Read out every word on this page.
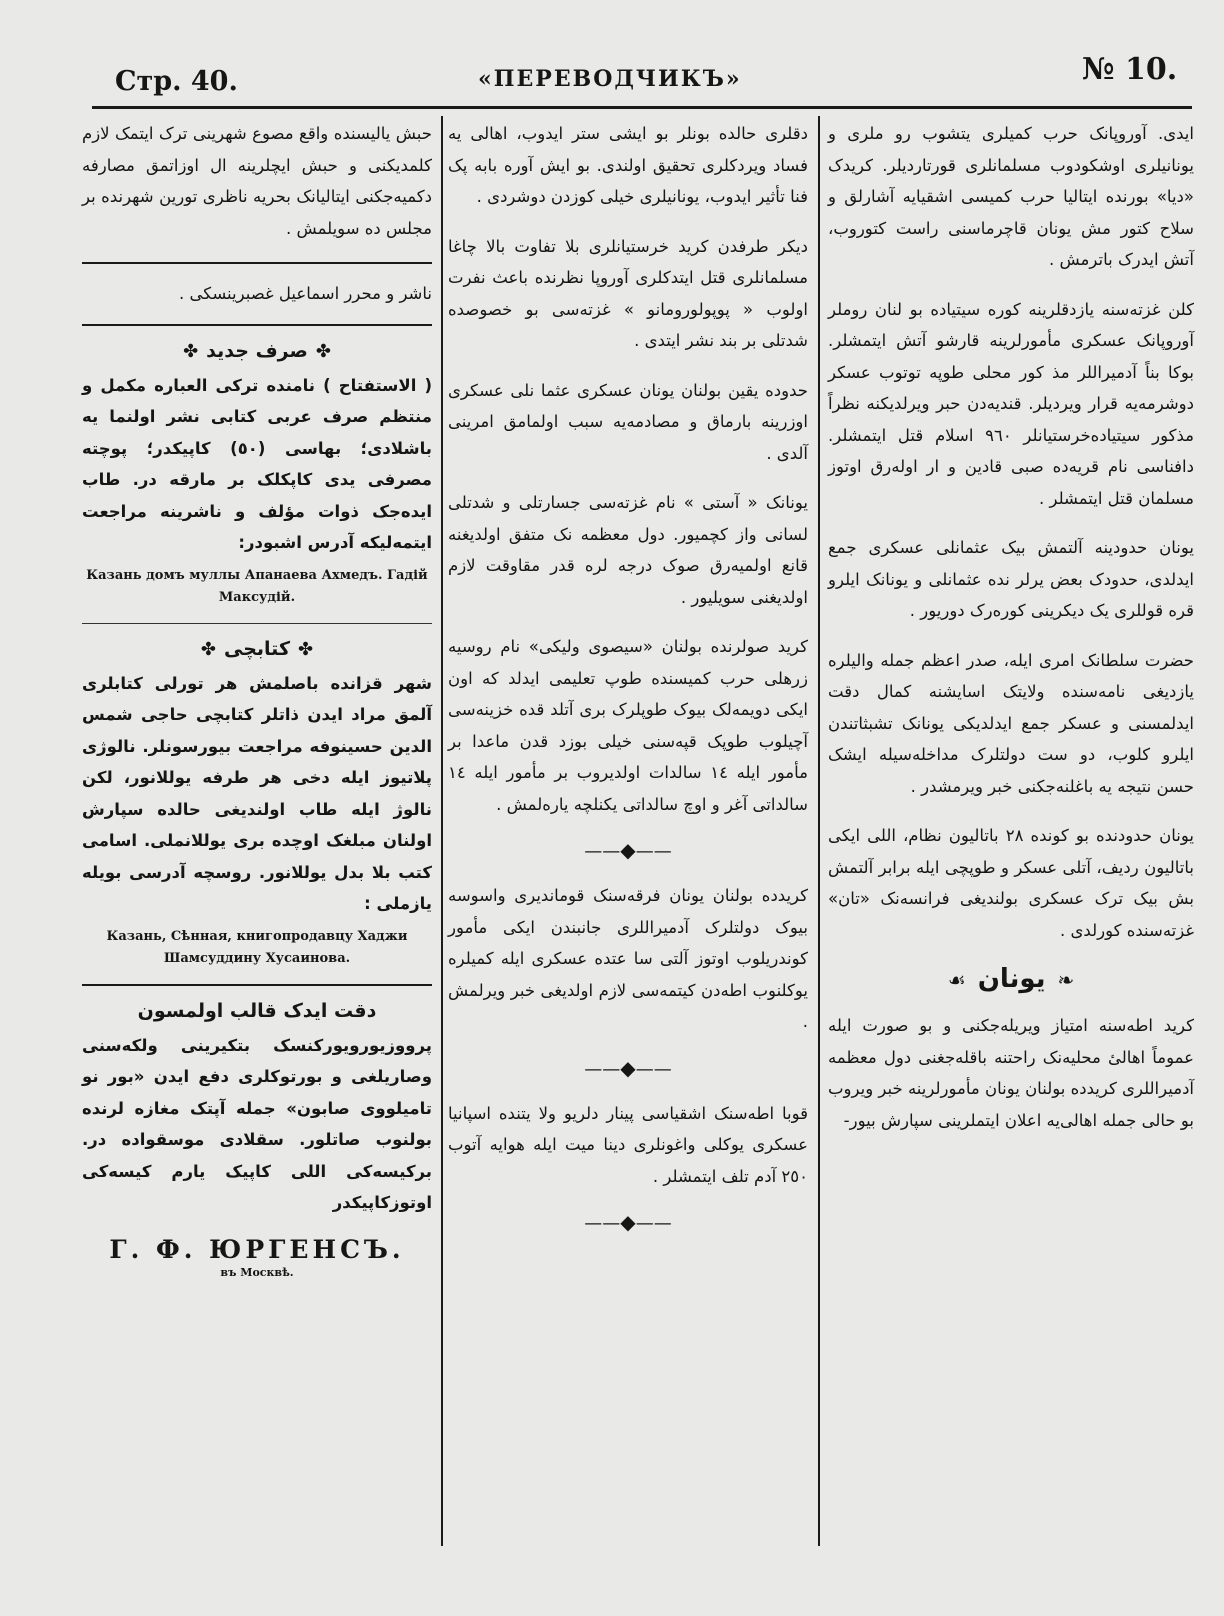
Стр. 40.	«ПЕРЕВОДЧИКЪ»	№ 10.

حبش یالیسنده واقع مصوع شهرینی ترک ایتمک لازم کلمدیکنی و حبش ایچلرینه ال اوزاتمق مصارفه دکمیه‌جکنی ایتالیانک بحریه ناظری تورین شهرنده بر مجلس ده سویلمش .

ناشر و محرر اسماعیل غصبرینسکی .

✤صرف جدید✤

( الاستفتاح ) نامنده ترکی العباره مکمل و منتظم صرف عربی کتابی نشر اولنما یه باشلادی؛ بهاسی (٥٠) کاپیکدر؛ پوچته مصرفی یدی کاپکلک بر مارقه در. طاب ایده‌جک ذوات مؤلف و ناشرینه مراجعت ایتمه‌لیکه آدرس اشبودر:

Казань домъ муллы Апанаева Ахмедъ. Гадій Максудій.
✤کتابچی✤

شهر قزانده باصلمش هر تورلی کتابلری آلمق مراد ایدن ذاتلر کتابچی حاجی شمس الدین حسینوفه مراجعت بیورسونلر. نالوژی پلاتیوز ایله دخی هر طرفه یوللانور، لکن نالوژ ایله طاب اولندیغی حالده سپارش اولنان مبلغک اوچده بری یوللانملی. اسامی کتب بلا بدل یوللانور. روسچه آدرسی بویله یازملی :

Казань, Сѣнная, книгопродавцу Хаджи Шамсуддину Хусаинова.
دقت ایدک قالب اولمسون

پرووزیورویورکنسک بتکیرینی ولکه‌سنی وصاریلغی و بورتوکلری دفع ایدن «بور نو تامیلووی صابون» جمله آپتک مغازه لرنده بولنوب صاتلور. سقلادی موسقواده در. برکیسه‌کی اللی کاپیک یارم کیسه‌کی اوتوزکاپیکدر

Г. Ф. ЮРГЕНСЪ.
въ Москвѣ.

دقلری حالده بونلر بو ایشی ستر ایدوب، اهالی یه فساد ویردکلری تحقیق اولندی. بو ایش آوره بابه پک فنا تأثیر ایدوب، یونانیلری خیلی کوزدن دوشردی .

دیکر طرفدن کرید خرستیانلری بلا تفاوت بالا چاغا مسلمانلری قتل ایتدکلری آوروپا نظرنده باعث نفرت اولوب « پوپولورومانو » غزته‌سی بو خصوصده شدتلی بر بند نشر ایتدی .

حدوده یقین بولنان یونان عسکری عثما نلی عسکری اوزرینه بارماق و مصادمه‌یه سبب اولمامق امرینی آلدی .

یونانک « آستی » نام غزته‌سی جسارتلی و شدتلی لسانی واز کچمیور. دول معظمه‌ نک متفق اولدیغنه قانع اولمیه‌رق صوک درجه لره قدر مقاوقت لازم اولدیغنی سویلیور .

کرید صولرنده بولنان «سیصوی ولیکی» نام روسیه زرهلی حرب کمیسنده طوپ تعلیمی ایدلد که اون ایکی دویمه‌لک بیوک طوپلرک بری آتلد قده خزینه‌سی آچیلوب طوپک قپه‌سنی خیلی بوزد قدن ماعدا بر مأمور ایله ١٤ سالدات اولدیروب بر مأمور ایله ١٤ سالداتی آغر و اوچ سالداتی یکنلچه یاره‌لمش .

——◆——

کریدده بولنان یونان فرقه‌سنک قوماندیری واسوسه بیوک دولتلرک آدمیراللری جانبندن ایکی مأمور کوندریلوب اوتوز آلتی سا عتده عسکری ایله کمیلره یوکلنوب اطه‌دن کیتمه‌سی لازم اولدیغی خبر ویرلمش .

——◆——

قوبا اطه‌سنک اشقیاسی پینار دلریو ولا یتنده اسپانیا عسکری یوکلی واغونلری دینا میت ایله هوایه آتوب ٢٥٠ آدم تلف ایتمشلر .

——◆——

ایدی. آوروپانک حرب کمیلری یتشوب رو ملری و یونانیلری اوشکودوب مسلمانلری قورتاردیلر. کریدک «دیا» بورنده ایتالیا حرب کمیسی اشقیایه آشارلق و سلاح کتور مش یونان قاچرماسنی راست کتوروب، آتش ایدرک باترمش .

کلن غزته‌سنه یازدقلرینه کوره سیتیاده بو لنان روملر آوروپانک عسکری مأمورلرینه قارشو آتش ایتمشلر. بوکا بناً آدمیراللر مذ کور محلی طوپه توتوب عسکر دوشرمه‌یه قرار ویردیلر. قندیه‌دن حبر ویرلدیکنه نظراً مذکور سیتیاده‌خرستیانلر ٩٦٠ اسلام قتل ایتمشلر. دافناسی نام قریه‌ده صبی قادین و ار اوله‌رق اوتوز مسلمان قتل ایتمشلر .

یونان حدودینه آلتمش بیک عثمانلی عسکری جمع ایدلدی، حدودک بعض یرلر نده عثمانلی و یونانک ایلرو قره قوللری یک دیکرینی کوره‌رک دوریور .

حضرت سلطانک امری ایله، صدر اعظم جمله والیلره یازدیغی نامه‌سنده ولایتک اسایشنه کمال دقت ایدلمسنی و عسکر جمع ایدلدیکی یونانک تشبثاتندن ایلرو کلوب، دو ست دولتلرک مداخله‌سیله ایشک حسن نتیجه‌ یه باغلنه‌جکنی خبر ویرمشدر .

یونان حدودنده بو کونده ٢٨ باتالیون نظام، اللی ایکی باتالیون ردیف، آتلی عسکر و طوپچی ایله برابر آلتمش بش بیک ترک عسکری بولندیغی فرانسه‌نک «تان» غزته‌سنده کورلدی .

❧یونان☙

کرید اطه‌سنه امتیاز ویریله‌جکنی و بو صورت ایله عموماً اهالیٔ محلیه‌نک راحتنه باقله‌جغنی دول معظمه آدمیراللری کریدده بولنان یونان مأمورلرینه خبر ویروب بو حالی جمله اهالی‌یه اعلان ایتملرینی سپارش بیور-
